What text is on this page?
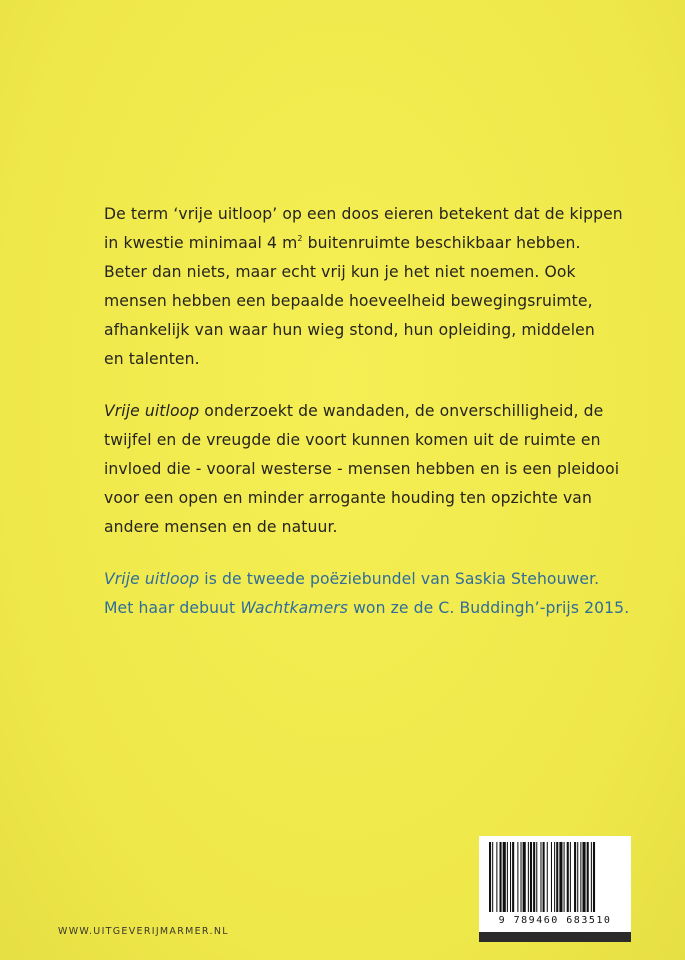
De term ‘vrije uitloop’ op een doos eieren betekent dat de kippen
in kwestie minimaal 4 $m^2$ buitenruimte beschikbaar hebben.
Beter dan niets, maar echt vrij kun je het niet noemen. Ook
mensen hebben een bepaalde hoeveelheid bewegingsruimte,
afhankelijk van waar hun wieg stond, hun opleiding, middelen
en talenten.
Vrije uitloop onderzoekt de wandaden, de onverschilligheid, de
twijfel en de vreugde die voort kunnen komen uit de ruimte en
invloed die - vooral westerse - mensen hebben en is een pleidooi
voor een open en minder arrogante houding ten opzichte van
andere mensen en de natuur.
Vrije uitloop is de tweede poëziebundel van Saskia Stehouwer.
Met haar debuut Wachtkamers won ze de C. Buddingh’-prijs 2015.
WWW.UITGEVERIJMARMER.NL
9 789460 683510
